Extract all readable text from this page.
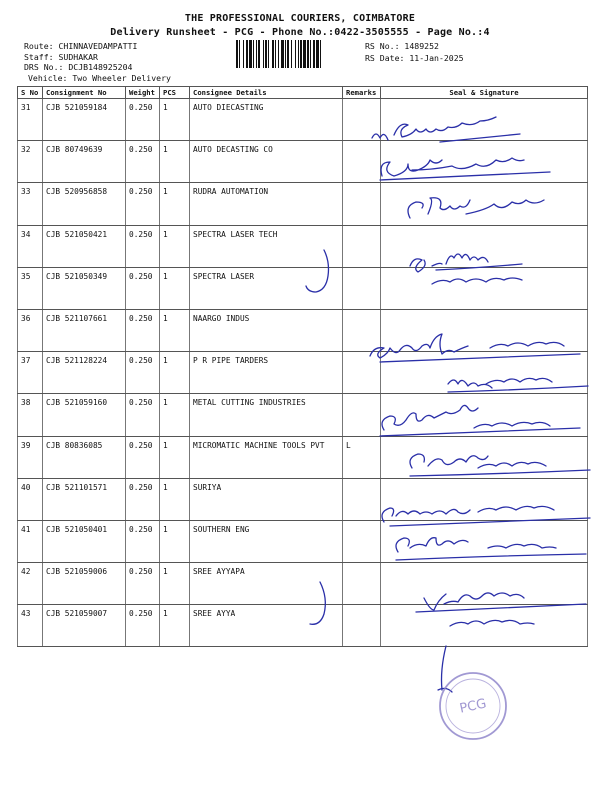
THE PROFESSIONAL COURIERS, COIMBATORE
Delivery Runsheet - PCG - Phone No.:0422-3505555 - Page No.:4
Route: CHINNAVEDAMPATTI
Staff: SUDHAKAR
DRS No.: DCJB148925204
Vehicle: Two Wheeler Delivery
RS No.: 1489252
RS Date: 11-Jan-2025
S No	Consignment No	Weight	PCS	Consignee Details	Remarks	Seal & Signature
31	CJB 521059184	0.250	1	AUTO DIECASTING		
32	CJB 80749639	0.250	1	AUTO DECASTING CO		
33	CJB 520956858	0.250	1	RUDRA AUTOMATION		
34	CJB 521050421	0.250	1	SPECTRA LASER TECH		
35	CJB 521050349	0.250	1	SPECTRA LASER		
36	CJB 521107661	0.250	1	NAARGO INDUS		
37	CJB 521128224	0.250	1	P R PIPE TARDERS		
38	CJB 521059160	0.250	1	METAL CUTTING INDUSTRIES		
39	CJB 80836085	0.250	1	MICROMATIC MACHINE TOOLS PVT	L	
40	CJB 521101571	0.250	1	SURIYA		
41	CJB 521050401	0.250	1	SOUTHERN ENG		
42	CJB 521059006	0.250	1	SREE AYYAPA		
43	CJB 521059007	0.250	1	SREE AYYA		
PCG
